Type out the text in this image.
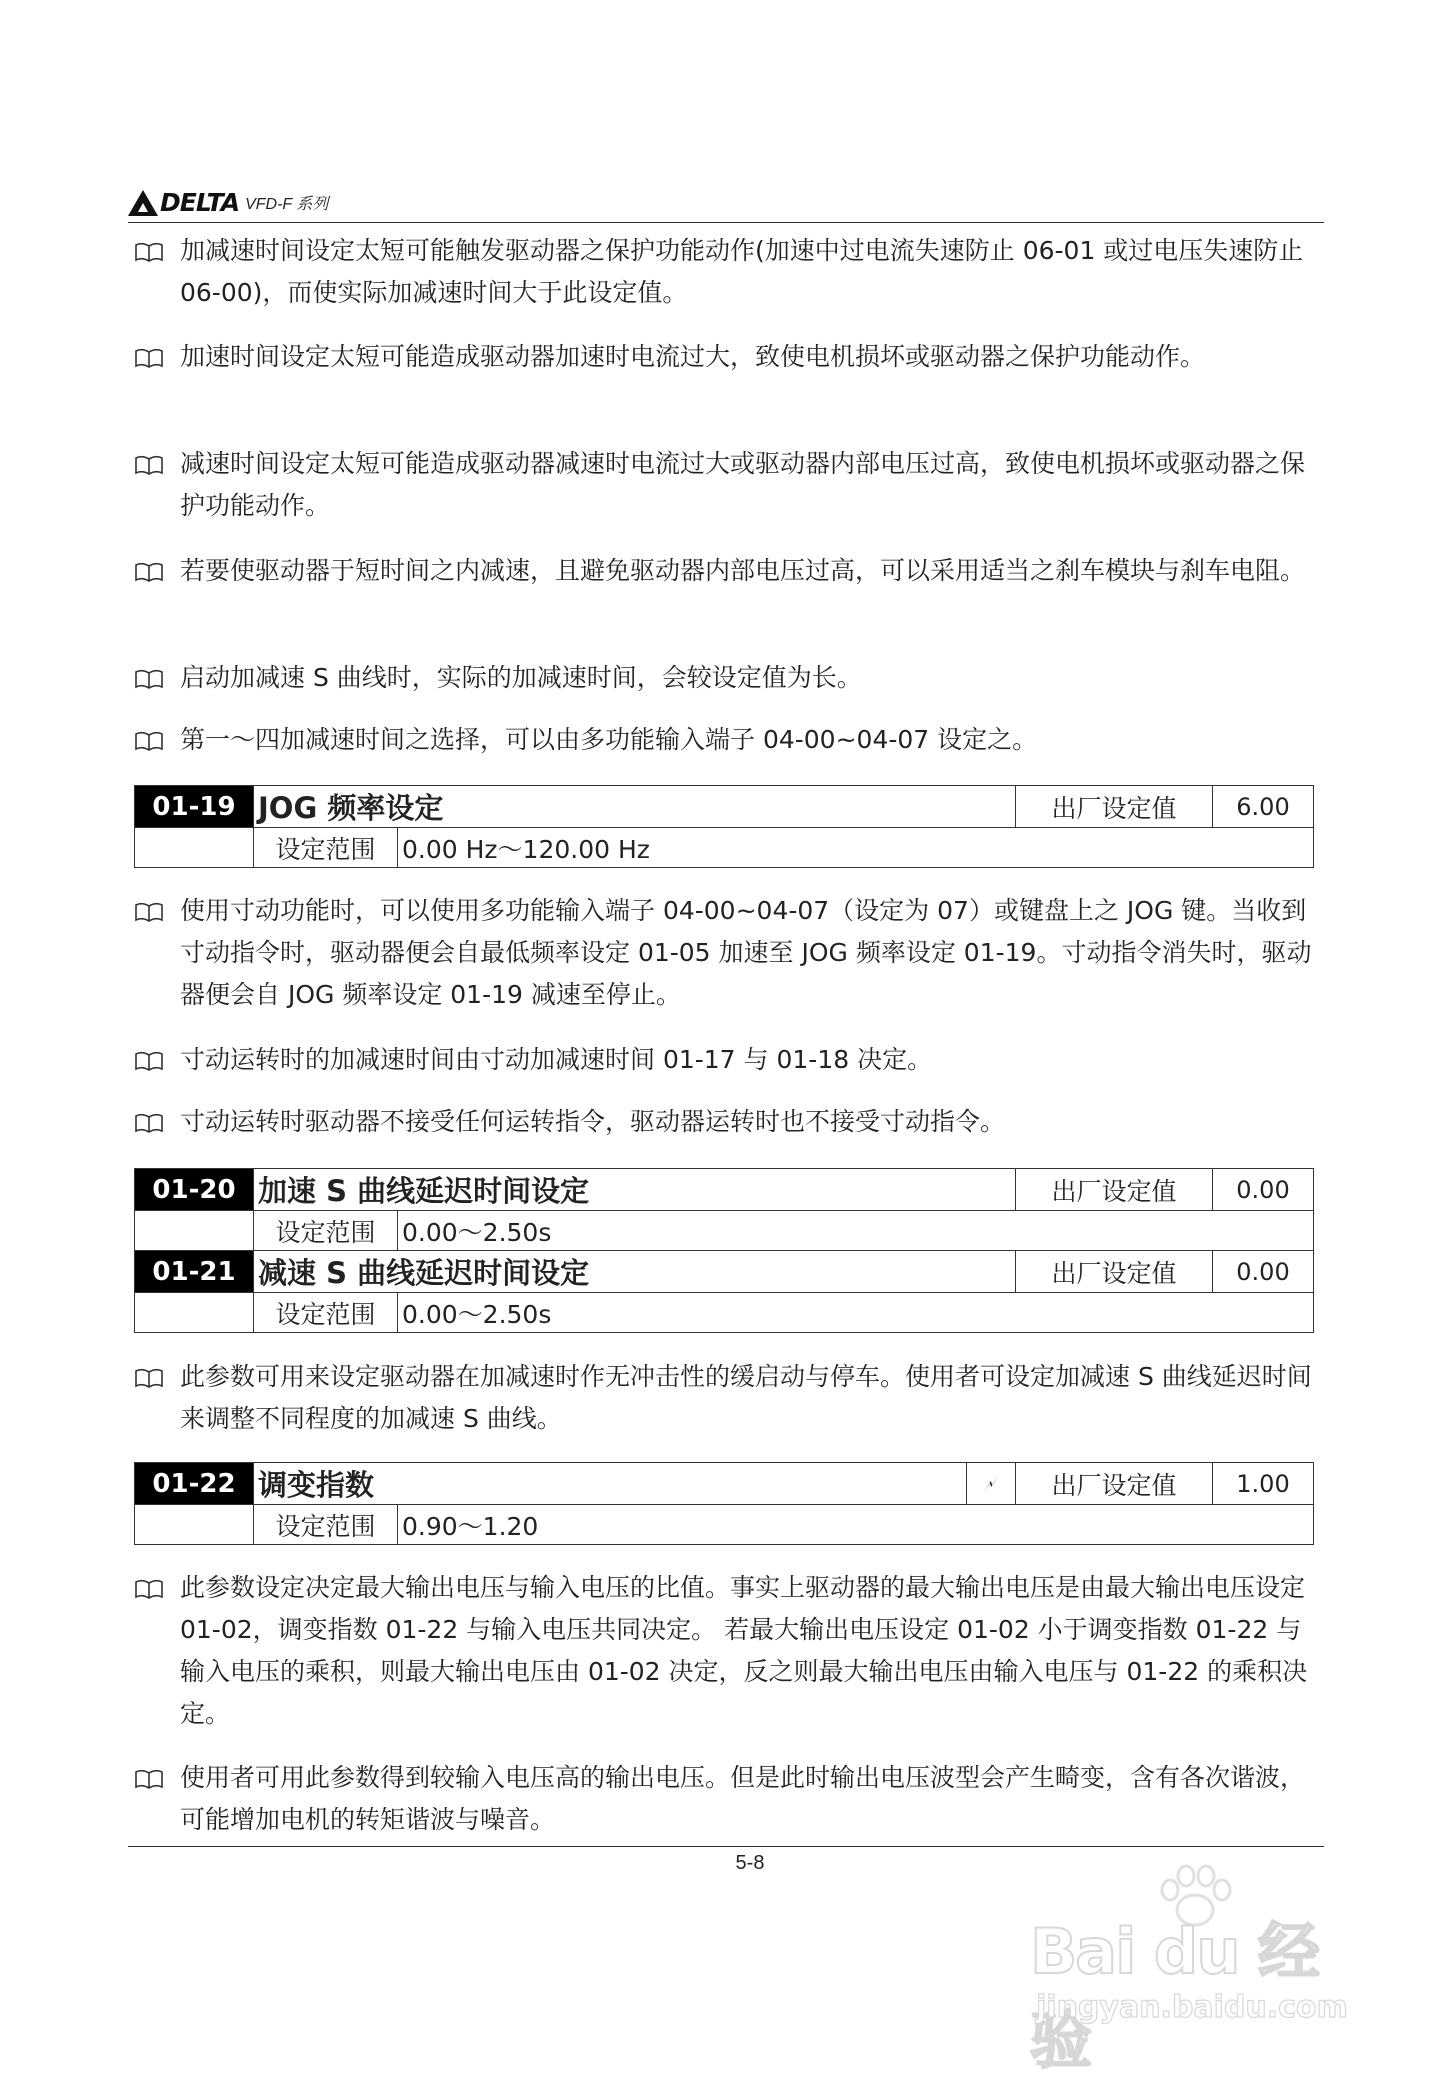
DELTA VFD-F 系列
加减速时间设定太短可能触发驱动器之保护功能动作(加速中过电流失速防止 06-01 或过电压失速防止 06-00)，而使实际加减速时间大于此设定值。
加速时间设定太短可能造成驱动器加速时电流过大，致使电机损坏或驱动器之保护功能动作。
减速时间设定太短可能造成驱动器减速时电流过大或驱动器内部电压过高，致使电机损坏或驱动器之保护功能动作。
若要使驱动器于短时间之内减速，且避免驱动器内部电压过高，可以采用适当之刹车模块与刹车电阻。
启动加减速 S 曲线时，实际的加减速时间，会较设定值为长。
第一～四加减速时间之选择，可以由多功能输入端子 04-00~04-07 设定之。
01-19 JOG 频率设定	出厂设定值	6.00
设定范围	0.00 Hz～120.00 Hz
使用寸动功能时，可以使用多功能输入端子 04-00~04-07（设定为 07）或键盘上之 JOG 键。当收到寸动指令时，驱动器便会自最低频率设定 01-05 加速至 JOG 频率设定 01-19。寸动指令消失时，驱动器便会自 JOG 频率设定 01-19 减速至停止。
寸动运转时的加减速时间由寸动加减速时间 01-17 与 01-18 决定。
寸动运转时驱动器不接受任何运转指令，驱动器运转时也不接受寸动指令。
01-20 加速 S 曲线延迟时间设定	出厂设定值	0.00
设定范围	0.00～2.50s
01-21 减速 S 曲线延迟时间设定	出厂设定值	0.00
设定范围	0.00～2.50s
此参数可用来设定驱动器在加减速时作无冲击性的缓启动与停车。使用者可设定加减速 S 曲线延迟时间来调整不同程度的加减速 S 曲线。
01-22 调变指数	出厂设定值	1.00
设定范围	0.90～1.20
此参数设定决定最大输出电压与输入电压的比值。事实上驱动器的最大输出电压是由最大输出电压设定 01-02，调变指数 01-22 与输入电压共同决定。 若最大输出电压设定 01-02 小于调变指数 01-22 与输入电压的乘积，则最大输出电压由 01-02 决定，反之则最大输出电压由输入电压与 01-22 的乘积决定。
使用者可用此参数得到较输入电压高的输出电压。但是此时输出电压波型会产生畸变，含有各次谐波，可能增加电机的转矩谐波与噪音。
5-8
Bai du 经验
jingyan.baidu.com
